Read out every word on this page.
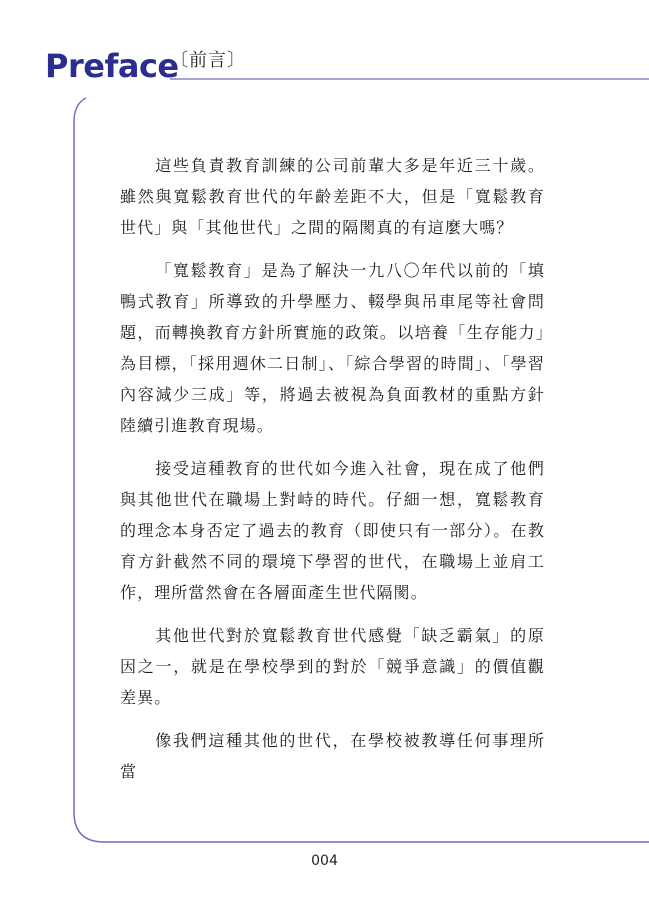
Preface
〔前言〕

這些負責教育訓練的公司前輩大多是年近三十歲。雖然與寬鬆教育世代的年齡差距不大，但是「寬鬆教育世代」與「其他世代」之間的隔閡真的有這麼大嗎？

「寬鬆教育」是為了解決一九八〇年代以前的「填鴨式教育」所導致的升學壓力、輟學與吊車尾等社會問題，而轉換教育方針所實施的政策。以培養「生存能力」為目標，「採用週休二日制」、「綜合學習的時間」、「學習內容減少三成」等，將過去被視為負面教材的重點方針陸續引進教育現場。

接受這種教育的世代如今進入社會，現在成了他們與其他世代在職場上對峙的時代。仔細一想，寬鬆教育的理念本身否定了過去的教育（即使只有一部分）。在教育方針截然不同的環境下學習的世代，在職場上並肩工作，理所當然會在各層面產生世代隔閡。

其他世代對於寬鬆教育世代感覺「缺乏霸氣」的原因之一，就是在學校學到的對於「競爭意識」的價值觀差異。

像我們這種其他的世代，在學校被教導任何事理所當

004
